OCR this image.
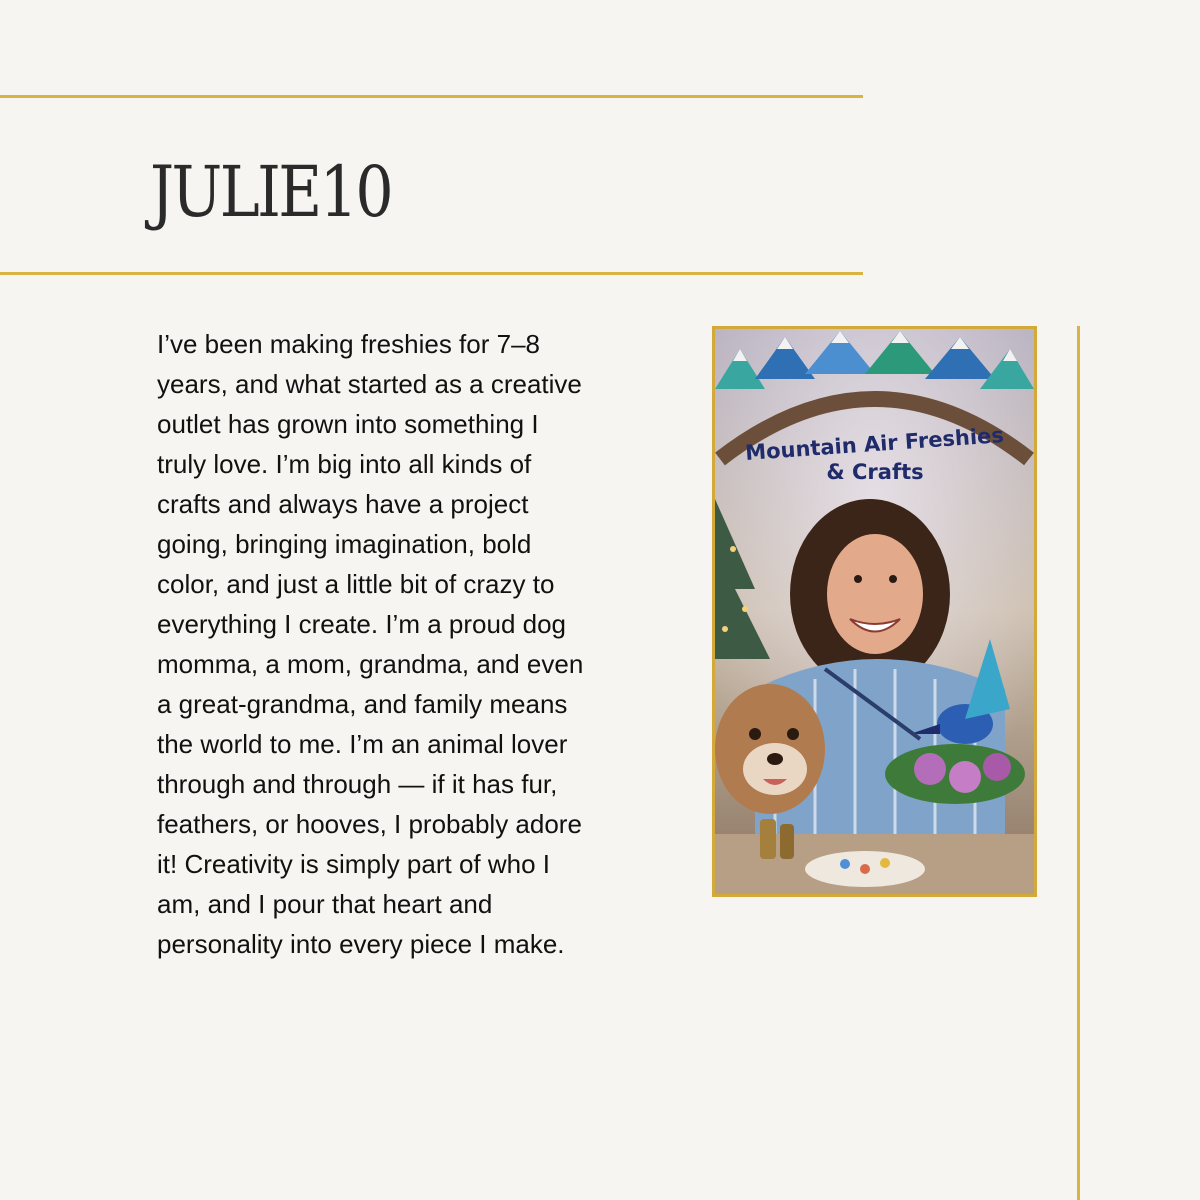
JULIE10

I’ve been making freshies for 7–8 years, and what started as a creative outlet has grown into something I truly love. I’m big into all kinds of crafts and always have a project going, bringing imagination, bold color, and just a little bit of crazy to everything I create. I’m a proud dog momma, a mom, grandma, and even a great-grandma, and family means the world to me. I’m an animal lover through and through — if it has fur, feathers, or hooves, I probably adore it! Creativity is simply part of who I am, and I pour that heart and personality into every piece I make.

Mountain Air Freshies
& Crafts
